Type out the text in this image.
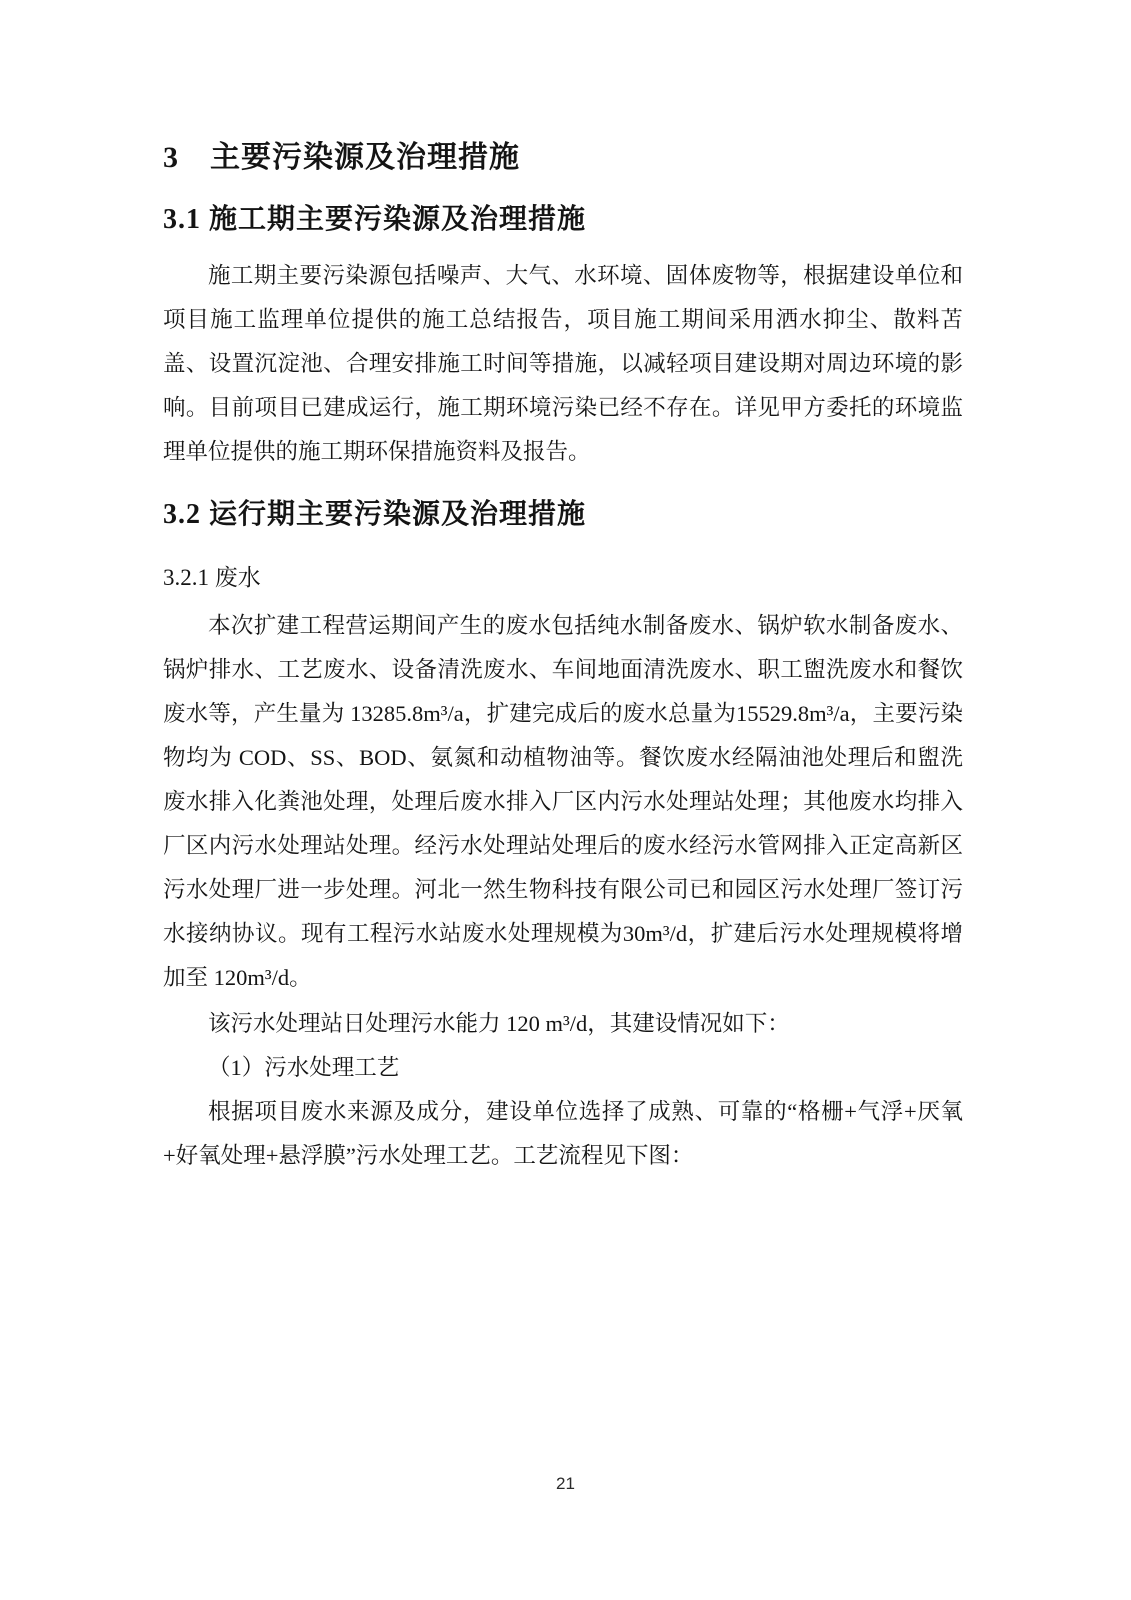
3　主要污染源及治理措施
3.1 施工期主要污染源及治理措施

施工期主要污染源包括噪声、大气、水环境、固体废物等，根据建设单位和项目施工监理单位提供的施工总结报告，项目施工期间采用洒水抑尘、散料苫盖、设置沉淀池、合理安排施工时间等措施，以减轻项目建设期对周边环境的影响。目前项目已建成运行，施工期环境污染已经不存在。详见甲方委托的环境监理单位提供的施工期环保措施资料及报告。

3.2 运行期主要污染源及治理措施
3.2.1 废水

本次扩建工程营运期间产生的废水包括纯水制备废水、锅炉软水制备废水、锅炉排水、工艺废水、设备清洗废水、车间地面清洗废水、职工盥洗废水和餐饮废水等，产生量为 13285.8m³/a，扩建完成后的废水总量为15529.8m³/a，主要污染物均为 COD、SS、BOD、氨氮和动植物油等。餐饮废水经隔油池处理后和盥洗废水排入化粪池处理，处理后废水排入厂区内污水处理站处理；其他废水均排入厂区内污水处理站处理。经污水处理站处理后的废水经污水管网排入正定高新区污水处理厂进一步处理。河北一然生物科技有限公司已和园区污水处理厂签订污水接纳协议。现有工程污水站废水处理规模为30m³/d，扩建后污水处理规模将增加至 120m³/d。

该污水处理站日处理污水能力 120 m³/d，其建设情况如下：

（1）污水处理工艺

根据项目废水来源及成分，建设单位选择了成熟、可靠的“格栅+气浮+厌氧+好氧处理+悬浮膜”污水处理工艺。工艺流程见下图：

21
